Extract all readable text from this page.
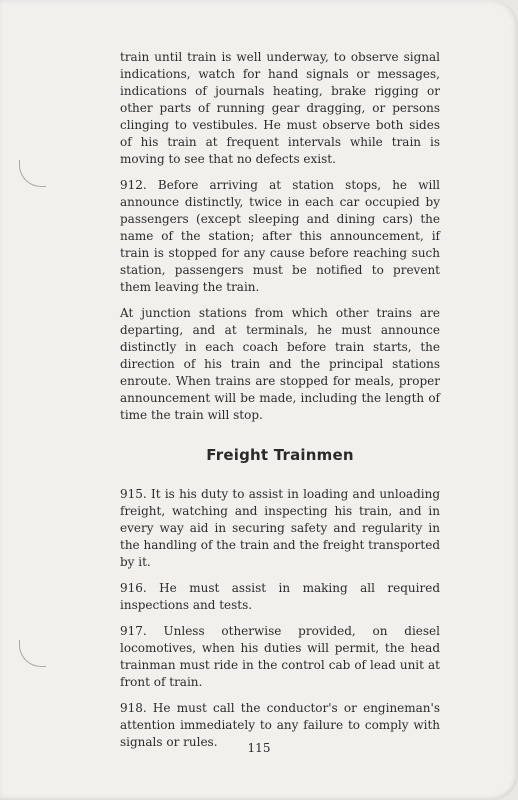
train until train is well underway, to observe signal indications, watch for hand signals or messages, indications of journals heating, brake rigging or other parts of running gear dragging, or persons clinging to vestibules. He must observe both sides of his train at frequent intervals while train is moving to see that no defects exist.

912. Before arriving at station stops, he will announce distinctly, twice in each car occupied by passengers (except sleeping and dining cars) the name of the station; after this announcement, if train is stopped for any cause before reaching such station, passengers must be notified to prevent them leaving the train.

At junction stations from which other trains are departing, and at terminals, he must announce distinctly in each coach before train starts, the direction of his train and the principal stations enroute. When trains are stopped for meals, proper announcement will be made, including the length of time the train will stop.

Freight Trainmen

915. It is his duty to assist in loading and unloading freight, watching and inspecting his train, and in every way aid in securing safety and regularity in the handling of the train and the freight transported by it.

916. He must assist in making all required inspections and tests.

917. Unless otherwise provided, on diesel locomotives, when his duties will permit, the head trainman must ride in the control cab of lead unit at front of train.

918. He must call the conductor's or engineman's attention immediately to any failure to comply with signals or rules.	115
